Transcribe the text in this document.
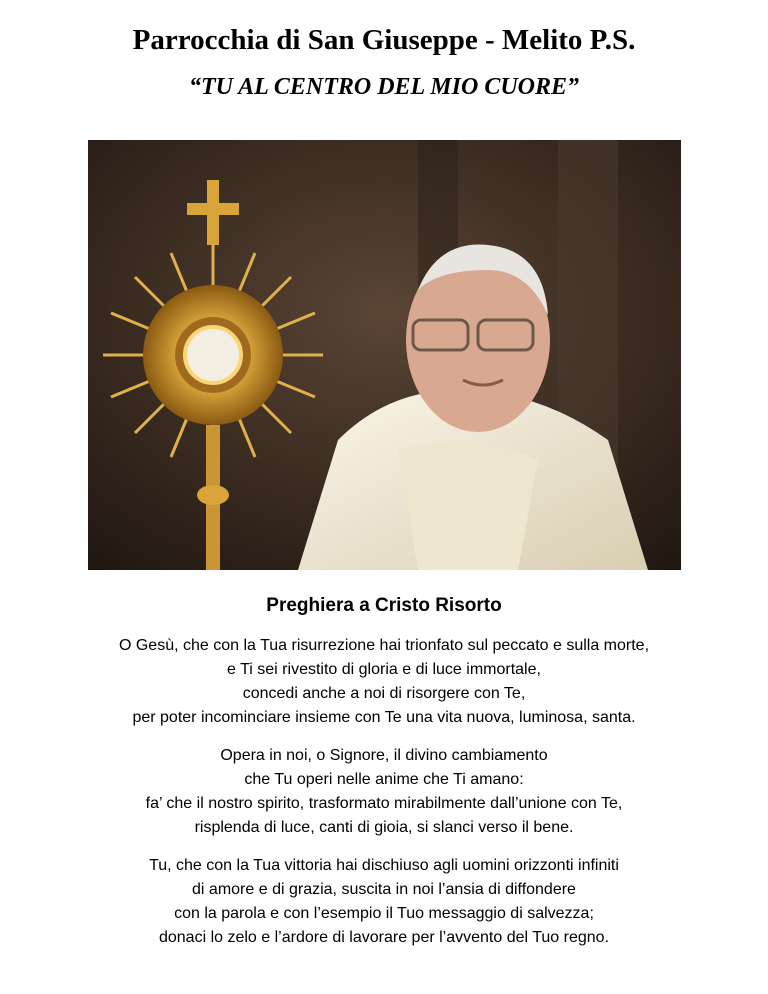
Parrocchia di San Giuseppe - Melito P.S.
“TU AL CENTRO DEL MIO CUORE”
Preghiera a Cristo Risorto
O Gesù, che con la Tua risurrezione hai trionfato sul peccato e sulla morte,
e Ti sei rivestito di gloria e di luce immortale,
concedi anche a noi di risorgere con Te,
per poter incominciare insieme con Te una vita nuova, luminosa, santa.
Opera in noi, o Signore, il divino cambiamento
che Tu operi nelle anime che Ti amano:
fa’ che il nostro spirito, trasformato mirabilmente dall’unione con Te,
risplenda di luce, canti di gioia, si slanci verso il bene.
Tu, che con la Tua vittoria hai dischiuso agli uomini orizzonti infiniti
di amore e di grazia, suscita in noi l’ansia di diffondere
con la parola e con l’esempio il Tuo messaggio di salvezza;
donaci lo zelo e l’ardore di lavorare per l’avvento del Tuo regno.
